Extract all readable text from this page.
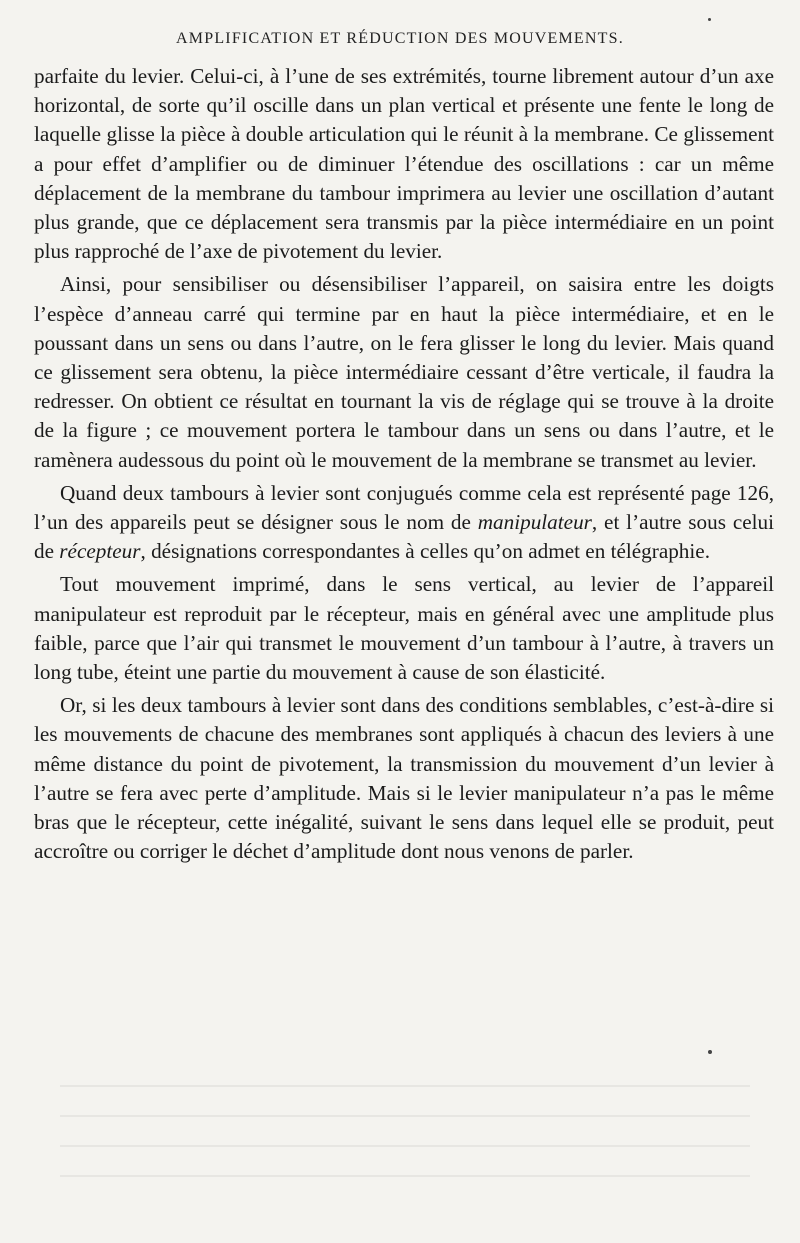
AMPLIFICATION ET RÉDUCTION DES MOUVEMENTS.

parfaite du levier. Celui-ci, à l’une de ses extrémités, tourne librement autour d’un axe horizontal, de sorte qu’il oscille dans un plan vertical et présente une fente le long de laquelle glisse la pièce à double articulation qui le réunit à la membrane. Ce glissement a pour effet d’amplifier ou de diminuer l’étendue des oscillations : car un même déplacement de la membrane du tambour imprimera au levier une oscillation d’autant plus grande, que ce déplacement sera transmis par la pièce intermédiaire en un point plus rapproché de l’axe de pivotement du levier.

Ainsi, pour sensibiliser ou désensibiliser l’appareil, on saisira entre les doigts l’espèce d’anneau carré qui termine par en haut la pièce intermédiaire, et en le poussant dans un sens ou dans l’autre, on le fera glisser le long du levier. Mais quand ce glissement sera obtenu, la pièce intermédiaire cessant d’être verticale, il faudra la redresser. On obtient ce résultat en tournant la vis de réglage qui se trouve à la droite de la figure ; ce mouvement portera le tambour dans un sens ou dans l’autre, et le ramènera audessous du point où le mouvement de la membrane se transmet au levier.

Quand deux tambours à levier sont conjugués comme cela est représenté page 126, l’un des appareils peut se désigner sous le nom de manipulateur, et l’autre sous celui de récepteur, désignations correspondantes à celles qu’on admet en télégraphie.

Tout mouvement imprimé, dans le sens vertical, au levier de l’appareil manipulateur est reproduit par le récepteur, mais en général avec une amplitude plus faible, parce que l’air qui transmet le mouvement d’un tambour à l’autre, à travers un long tube, éteint une partie du mouvement à cause de son élasticité.

Or, si les deux tambours à levier sont dans des conditions semblables, c’est-à-dire si les mouvements de chacune des membranes sont appliqués à chacun des leviers à une même distance du point de pivotement, la transmission du mouvement d’un levier à l’autre se fera avec perte d’amplitude. Mais si le levier manipulateur n’a pas le même bras que le récepteur, cette inégalité, suivant le sens dans lequel elle se produit, peut accroître ou corriger le déchet d’amplitude dont nous venons de parler.
